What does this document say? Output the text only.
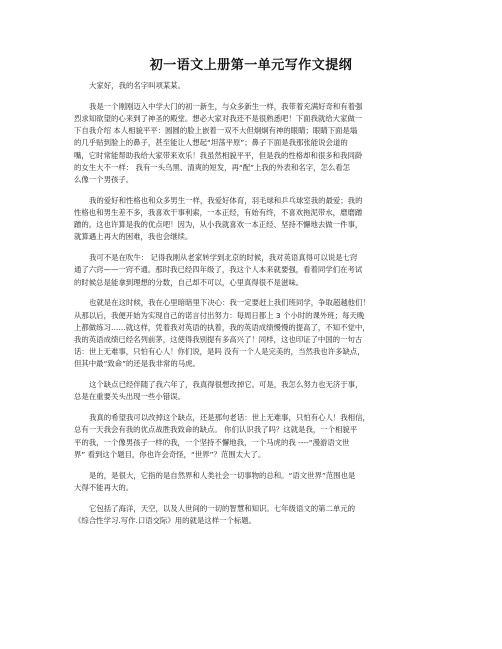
初一语文上册第一单元写作文提纲

大家好，我的名字叫项某某。

我是一个刚刚迈入中学大门的初一新生，与众多新生一样，我带着充满好奇和有着强
烈求知欲望的心来到了神圣的殿堂。想必大家对我还不是很熟悉吧！下面我就给大家做一
下自我介绍 本人相貌平平：圆圆的脸上嵌着一双不大但炯炯有神的眼睛；眼睛下面是塌
的几乎贴到脸上的鼻子，甚至能让人想起“坦荡平原”；鼻子下面是我那张能说会道的
嘴，它时常能帮助我给大家带来欢乐！我虽然相貌平平，但是我的性格却和很多和我同龄
的女生大不一样： 我有一头乌黑、清爽的短发，再“配”上我的外表和名字，怎么看怎
么像一个男孩子。

我的爱好和性格也和众多男生一样，我爱好体育，羽毛球和乒乓球室我的最爱；我的
性格也和男生差不多，我喜欢干事利索，一本正经，有始有终，不喜欢拖泥带水，磨磨蹭
蹭的。这也许算是我的优点吧！因为，从小我就喜欢一本正经、坚持不懈地去做一件事，
就算遇上再大的困难，我也会继续。

我可不是在吹牛： 记得我刚从老家转学到北京的时候，我对英语真得可以说是七窍
通了六窍——一窍不通。那时我已经四年级了，我这个人本来就要强，看着同学们在考试
的时候总是能拿到理想的分数，自己却不可以，心里真得很不是滋味。

也就是在这时候，我在心里暗暗里下决心：我一定要赶上我们班同学，争取超越他们！
从那以后，我便开始为实现自己的诺言付出努力：每周日都上 3 个小时的课外班；每天晚
上都做练习……就这样，凭着我对英语的执着，我的英语成绩慢慢的提高了，不知不觉中，
我的英语成绩已经名列前茅，这使得我别提有多高兴了！同样，这也印证了中国的一句古
话：世上无难事，只怕有心人！你们说，是吗 没有一个人是完美的，当然我也许多缺点，
但其中最“致命”的还是我非常的马虎。

这个缺点已经伴随了我六年了，我真得很想改掉它。可是，我怎么努力也无济于事，
总是在重要关头出现一些小错误。

我真的希望我可以改掉这个缺点，还是那句老话：世上无难事，只怕有心人！我相信，
总有一天我会有我的优点战胜我致命的缺点。 你们认识我了吗？这就是我，一个相貌平
平的我，一个像男孩子一样的我，一个坚持不懈地我，一个马虎的我 ----“漫游语文世
界” 看到这个题目，你也许会奇怪，“世界”？范围太大了。

是的，是很大，它指的是自然界和人类社会一切事物的总和。“语文世界”范围也是
大得不能再大的。

它包括了海洋，天空，以及人世间的一切的智慧和知识。七年级语文的第二单元的
《综合性学习.写作.口语交际》用的就是这样一个标题。
